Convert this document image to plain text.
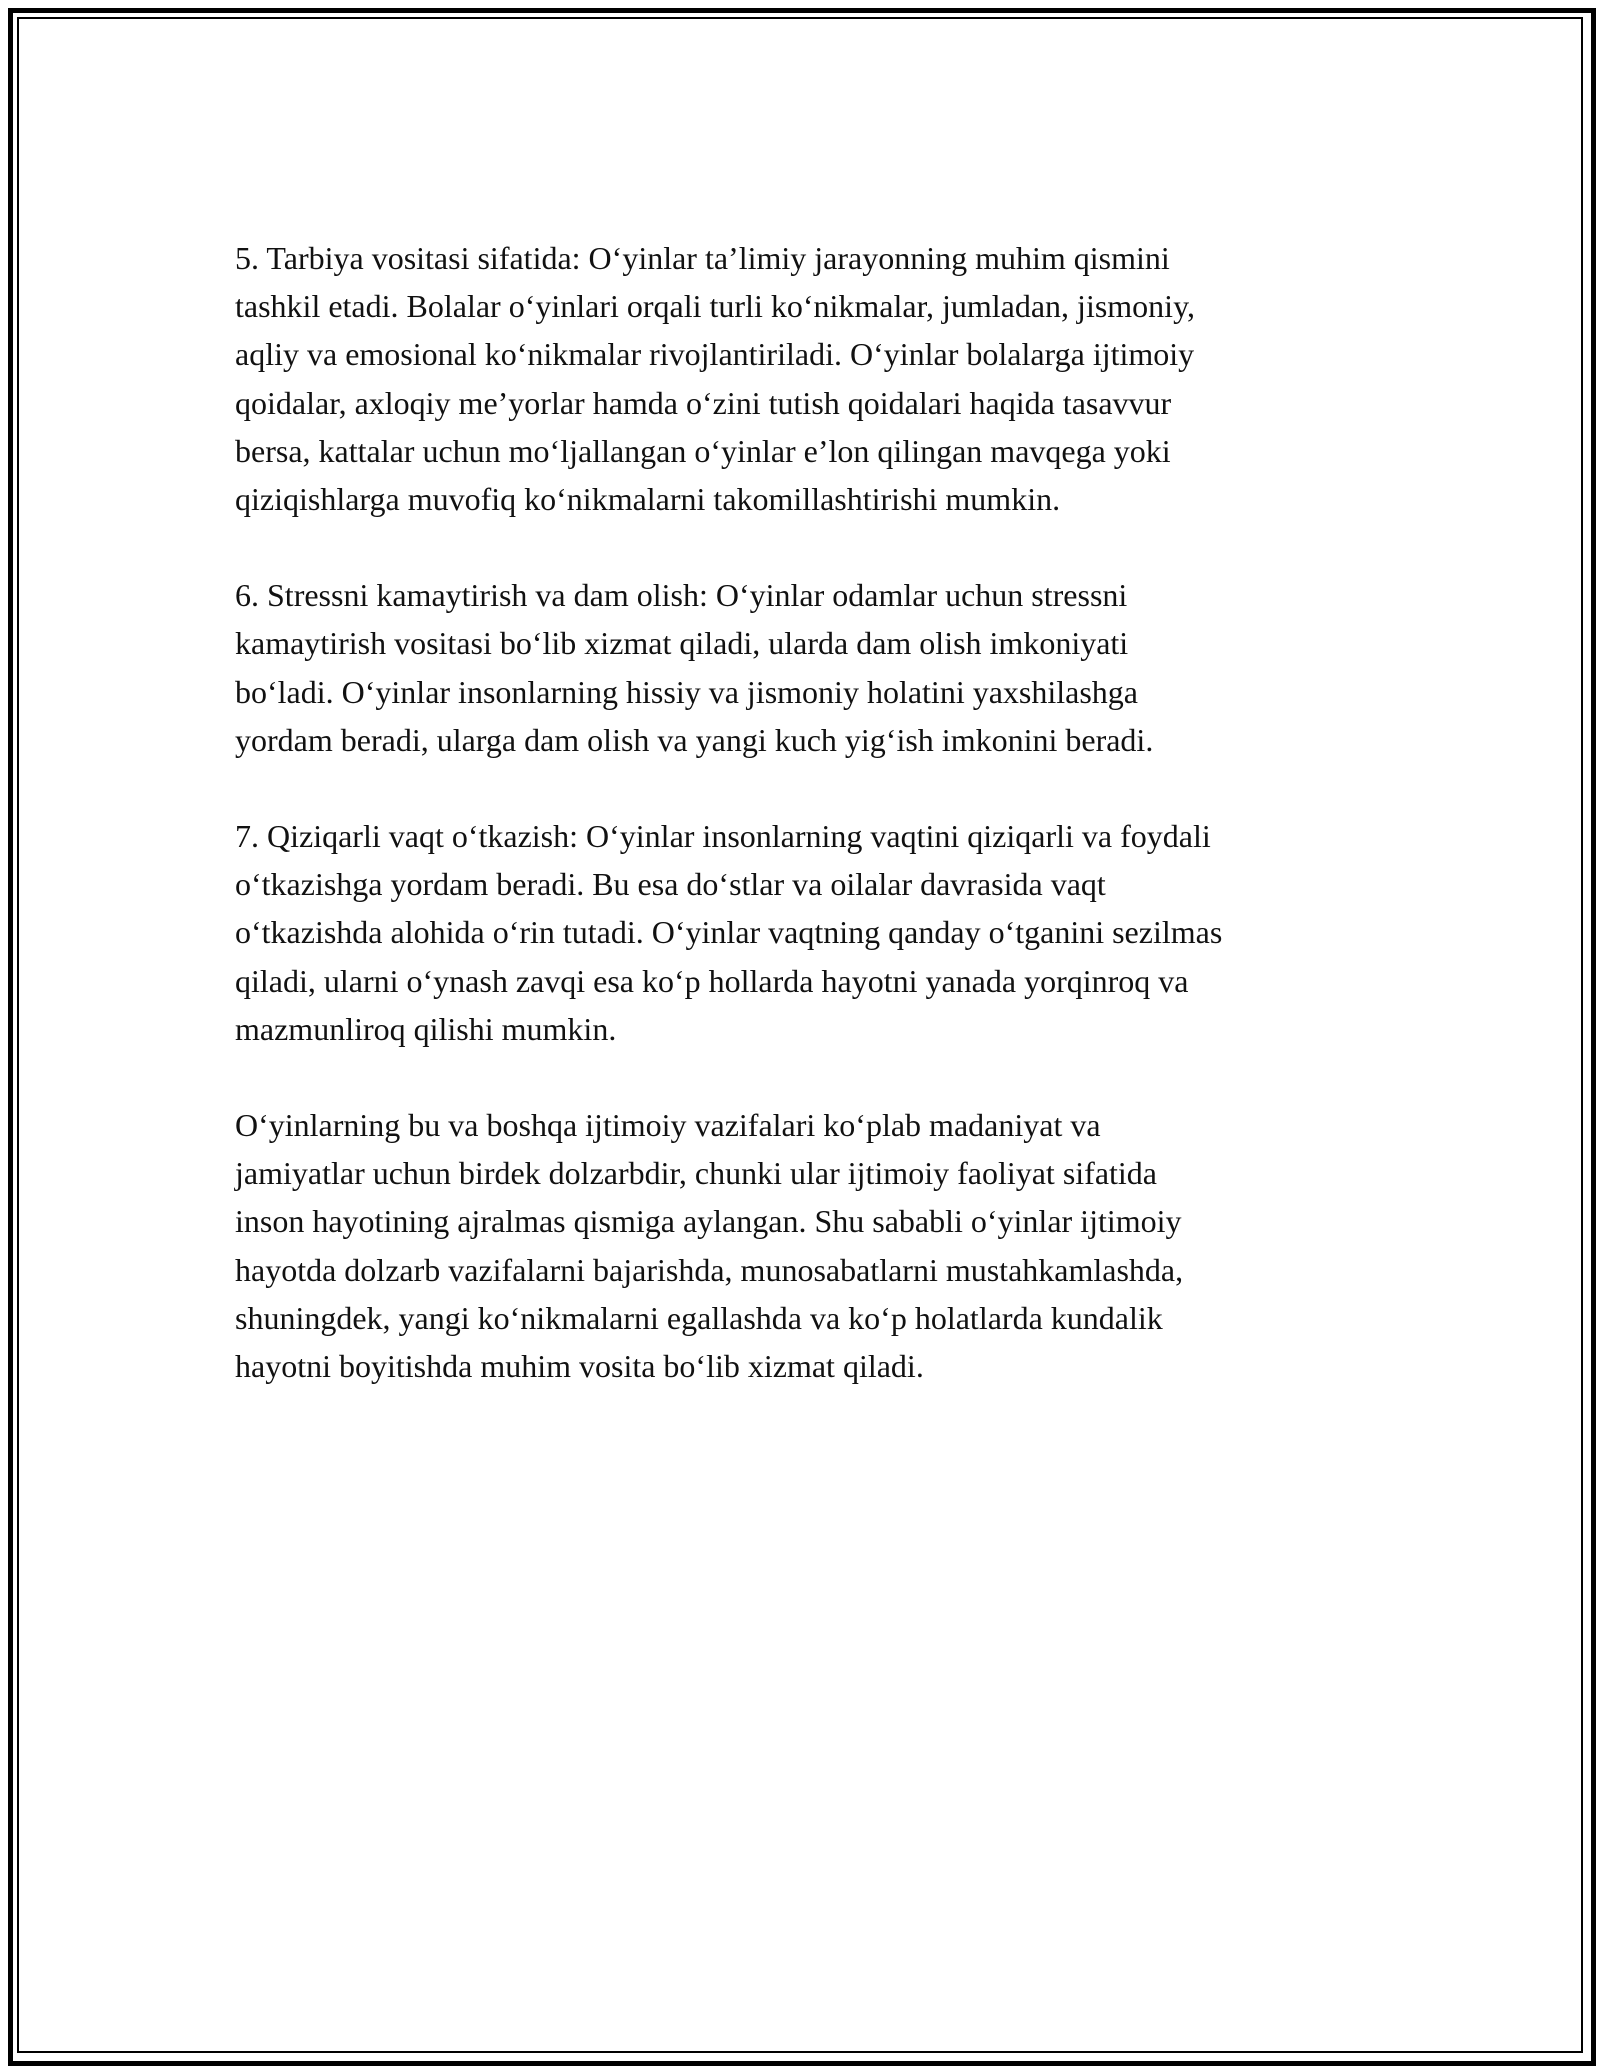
5. Tarbiya vositasi sifatida: O‘yinlar ta’limiy jarayonning muhim qismini
tashkil etadi. Bolalar o‘yinlari orqali turli ko‘nikmalar, jumladan, jismoniy,
aqliy va emosional ko‘nikmalar rivojlantiriladi. O‘yinlar bolalarga ijtimoiy
qoidalar, axloqiy me’yorlar hamda o‘zini tutish qoidalari haqida tasavvur
bersa, kattalar uchun mo‘ljallangan o‘yinlar e’lon qilingan mavqega yoki
qiziqishlarga muvofiq ko‘nikmalarni takomillashtirishi mumkin.

6. Stressni kamaytirish va dam olish: O‘yinlar odamlar uchun stressni
kamaytirish vositasi bo‘lib xizmat qiladi, ularda dam olish imkoniyati
bo‘ladi. O‘yinlar insonlarning hissiy va jismoniy holatini yaxshilashga
yordam beradi, ularga dam olish va yangi kuch yig‘ish imkonini beradi.

7. Qiziqarli vaqt o‘tkazish: O‘yinlar insonlarning vaqtini qiziqarli va foydali
o‘tkazishga yordam beradi. Bu esa do‘stlar va oilalar davrasida vaqt
o‘tkazishda alohida o‘rin tutadi. O‘yinlar vaqtning qanday o‘tganini sezilmas
qiladi, ularni o‘ynash zavqi esa ko‘p hollarda hayotni yanada yorqinroq va
mazmunliroq qilishi mumkin.

O‘yinlarning bu va boshqa ijtimoiy vazifalari ko‘plab madaniyat va
jamiyatlar uchun birdek dolzarbdir, chunki ular ijtimoiy faoliyat sifatida
inson hayotining ajralmas qismiga aylangan. Shu sababli o‘yinlar ijtimoiy
hayotda dolzarb vazifalarni bajarishda, munosabatlarni mustahkamlashda,
shuningdek, yangi ko‘nikmalarni egallashda va ko‘p holatlarda kundalik
hayotni boyitishda muhim vosita bo‘lib xizmat qiladi.
